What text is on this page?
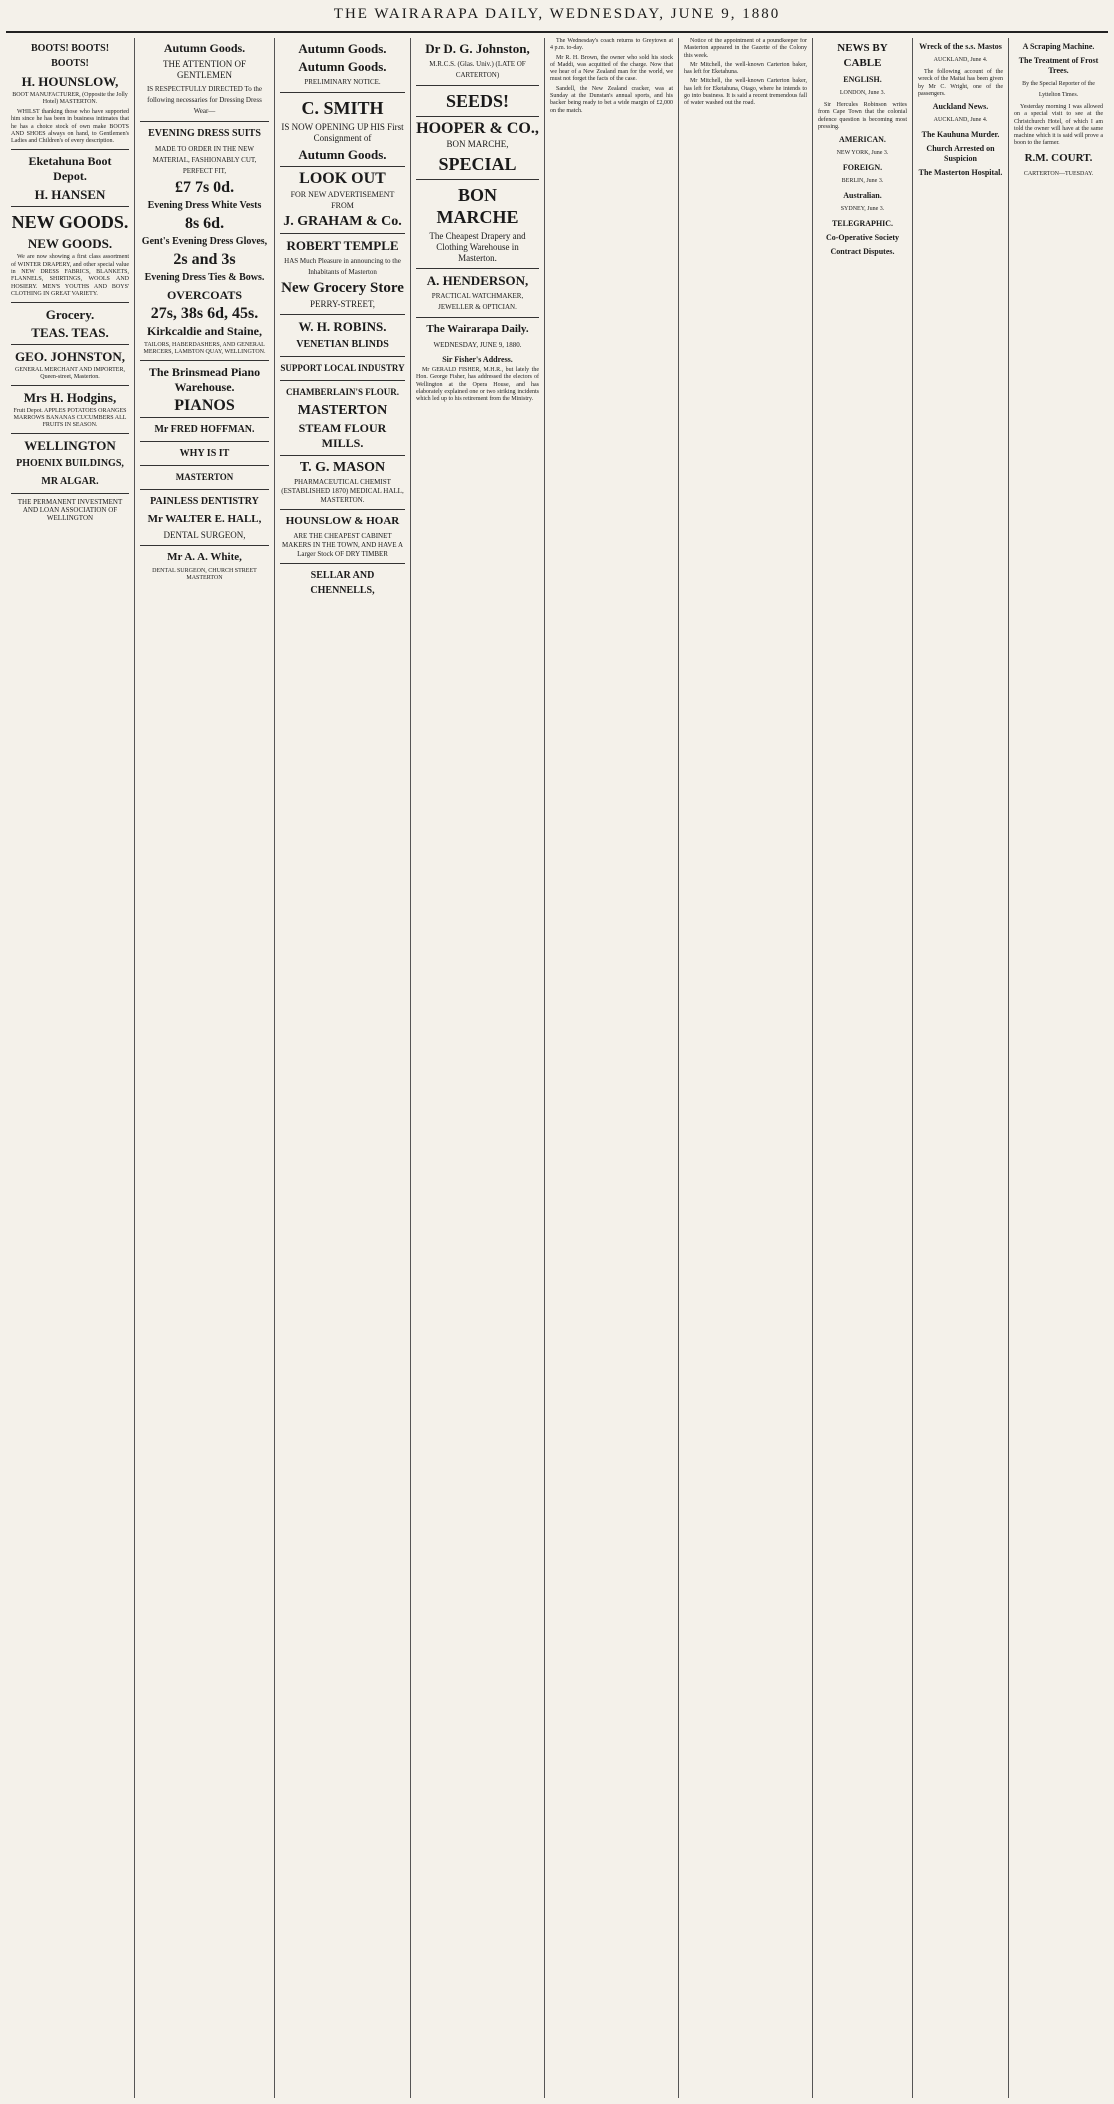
THE WAIRARAPA DAILY, WEDNESDAY, JUNE 9, 1880
BOOTS! BOOTS! BOOTS!
H. HOUNSLOW,
BOOT MANUFACTURER, (Opposite the Jolly Hotel) MASTERTON.

WHILST thanking those who have supported him since he has been in business intimates that he has a choice stock of own make BOOTS AND SHOES always on hand, to Gentlemen's Ladies and Children's of every description.

Eketahuna Boot Depot.
H. HANSEN
NEW GOODS.
NEW GOODS.

We are now showing a first class assortment of WINTER DRAPERY, and other special value in NEW DRESS FABRICS, BLANKETS, FLANNELS, SHIRTINGS, WOOLS AND HOSIERY. MEN'S YOUTHS AND BOYS' CLOTHING IN GREAT VARIETY.

Grocery.
TEAS. TEAS.
GEO. JOHNSTON,
GENERAL MERCHANT AND IMPORTER, Queen-street, Masterton.
Mrs H. Hodgins,
Fruit Depot. APPLES POTATOES ORANGES MARROWS BANANAS CUCUMBERS ALL FRUITS IN SEASON.
WELLINGTON
PHOENIX BUILDINGS,
MR ALGAR.
THE PERMANENT INVESTMENT AND LOAN ASSOCIATION OF WELLINGTON
Autumn Goods.
THE ATTENTION OF GENTLEMEN
IS RESPECTFULLY DIRECTED To the following necessaries for Dressing Dress Wear—
EVENING DRESS SUITS
MADE TO ORDER IN THE NEW MATERIAL, FASHIONABLY CUT, PERFECT FIT,
£7 7s 0d.
Evening Dress White Vests
8s 6d.
Gent's Evening Dress Gloves,
2s and 3s
Evening Dress Ties & Bows.
OVERCOATS
27s, 38s 6d, 45s.
Kirkcaldie and Staine,
TAILORS, HABERDASHERS, AND GENERAL MERCERS, LAMBTON QUAY, WELLINGTON.
The Brinsmead Piano Warehouse.
PIANOS
Mr FRED HOFFMAN.
WHY IS IT
MASTERTON
PAINLESS DENTISTRY
Mr WALTER E. HALL,
DENTAL SURGEON,
Mr A. A. White,
DENTAL SURGEON, CHURCH STREET MASTERTON
Autumn Goods.
Autumn Goods.
PRELIMINARY NOTICE.
C. SMITH
IS NOW OPENING UP HIS First Consignment of
Autumn Goods.
LOOK OUT
FOR NEW ADVERTISEMENT FROM
J. GRAHAM & Co.
ROBERT TEMPLE
HAS Much Pleasure in announcing to the Inhabitants of Masterton
New Grocery Store
PERRY-STREET,
W. H. ROBINS.
VENETIAN BLINDS
SUPPORT LOCAL INDUSTRY
CHAMBERLAIN'S FLOUR.
MASTERTON
STEAM FLOUR MILLS.
T. G. MASON
PHARMACEUTICAL CHEMIST (ESTABLISHED 1870) MEDICAL HALL, MASTERTON.
HOUNSLOW & HOAR
ARE THE CHEAPEST CABINET MAKERS IN THE TOWN, AND HAVE A Larger Stock OF DRY TIMBER
SELLAR AND CHENNELLS,
Dr D. G. Johnston,
M.R.C.S. (Glas. Univ.) (LATE OF CARTERTON)
SEEDS!
HOOPER & CO.,
BON MARCHE,
SPECIAL
BON MARCHE
The Cheapest Drapery and Clothing Warehouse in Masterton.
A. HENDERSON,
PRACTICAL WATCHMAKER, JEWELLER & OPTICIAN.
The Wairarapa Daily.
WEDNESDAY, JUNE 9, 1880.
Sir Fisher's Address.

Mr GERALD FISHER, M.H.R., but lately the Hon. George Fisher, has addressed the electors of Wellington at the Opera House, and has elaborately explained one or two striking incidents which led up to his retirement from the Ministry.

The Wednesday's coach returns to Greytown at 4 p.m. to-day.

Mr R. H. Brown, the owner who sold his stock of Maddi, was acquitted of the charge. Now that we hear of a New Zealand man for the world, we must not forget the facts of the case.

Sandell, the New Zealand cracker, was at Sunday at the Dunstan's annual sports, and his backer being ready to bet a wide margin of £2,000 on the match.

Notice of the appointment of a poundkeeper for Masterton appeared in the Gazette of the Colony this week.

Mr Mitchell, the well-known Carterton baker, has left for Eketahuna.

Mr Mitchell, the well-known Carterton baker, has left for Eketahuna, Otago, where he intends to go into business. It is said a recent tremendous fall of water washed out the road.

NEWS BY CABLE
ENGLISH.
LONDON, June 3.

Sir Hercules Robinson writes from Cape Town that the colonial defence question is becoming most pressing.

AMERICAN.
NEW YORK, June 3.
FOREIGN.
BERLIN, June 3.
Australian.
SYDNEY, June 3.
TELEGRAPHIC.
Co-Operative Society
Contract Disputes.
Wreck of the s.s. Mastos
AUCKLAND, June 4.

The following account of the wreck of the Maitai has been given by Mr C. Wright, one of the passengers.

Auckland News.
AUCKLAND, June 4.
The Kauhuna Murder.
Church Arrested on Suspicion
The Masterton Hospital.
A Scraping Machine.
The Treatment of Frost Trees.
By the Special Reporter of the Lyttelton Times.

Yesterday morning I was allowed on a special visit to see at the Christchurch Hotel, of which I am told the owner will have at the same machine which it is said will prove a boon to the farmer.

R.M. COURT.
CARTERTON—TUESDAY.
